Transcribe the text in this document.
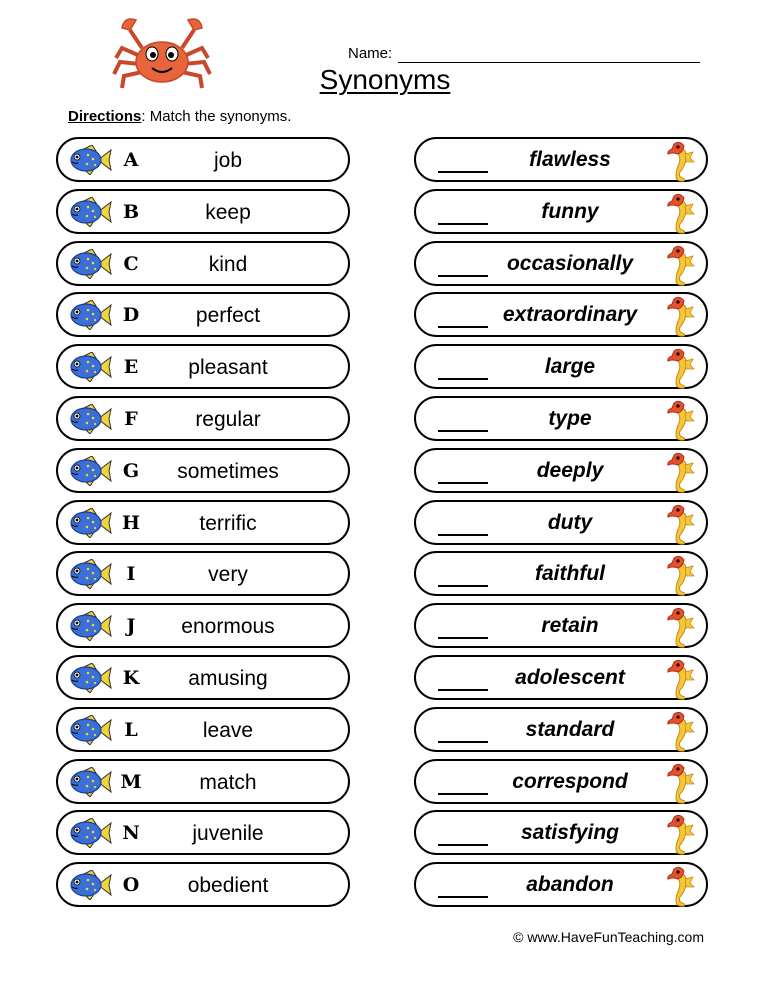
Name:
Synonyms
Directions: Match the synonyms.
A	job
B	keep
C	kind
D	perfect
E	pleasant
F	regular
G	sometimes
H	terrific
I	very
J	enormous
K	amusing
L	leave
M	match
N	juvenile
O	obedient
flawless
funny
occasionally
extraordinary
large
type
deeply
duty
faithful
retain
adolescent
standard
correspond
satisfying
abandon
© www.HaveFunTeaching.com
